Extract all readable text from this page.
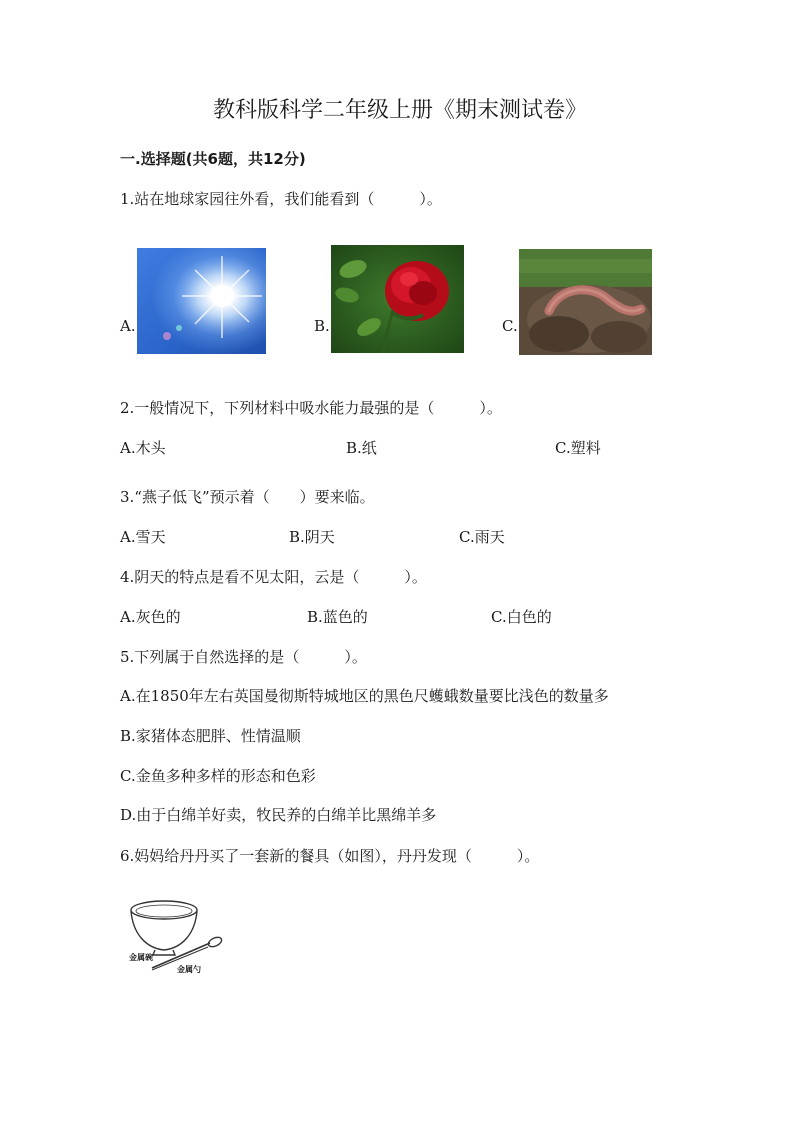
教科版科学二年级上册《期末测试卷》
一.选择题(共6题，共12分)
1.站在地球家园往外看，我们能看到（　　　）。
A.	B.	C.
2.一般情况下，下列材料中吸水能力最强的是（　　　）。
A.木头	B.纸	C.塑料
3.“燕子低飞”预示着（　　）要来临。
A.雪天	B.阴天	C.雨天
4.阴天的特点是看不见太阳，云是（　　　）。
A.灰色的	B.蓝色的	C.白色的
5.下列属于自然选择的是（　　　）。
A.在1850年左右英国曼彻斯特城地区的黑色尺蠖蛾数量要比浅色的数量多
B.家猪体态肥胖、性情温顺
C.金鱼多种多样的形态和色彩
D.由于白绵羊好卖，牧民养的白绵羊比黑绵羊多
6.妈妈给丹丹买了一套新的餐具（如图），丹丹发现（　　　）。
金属碗
金属勺
